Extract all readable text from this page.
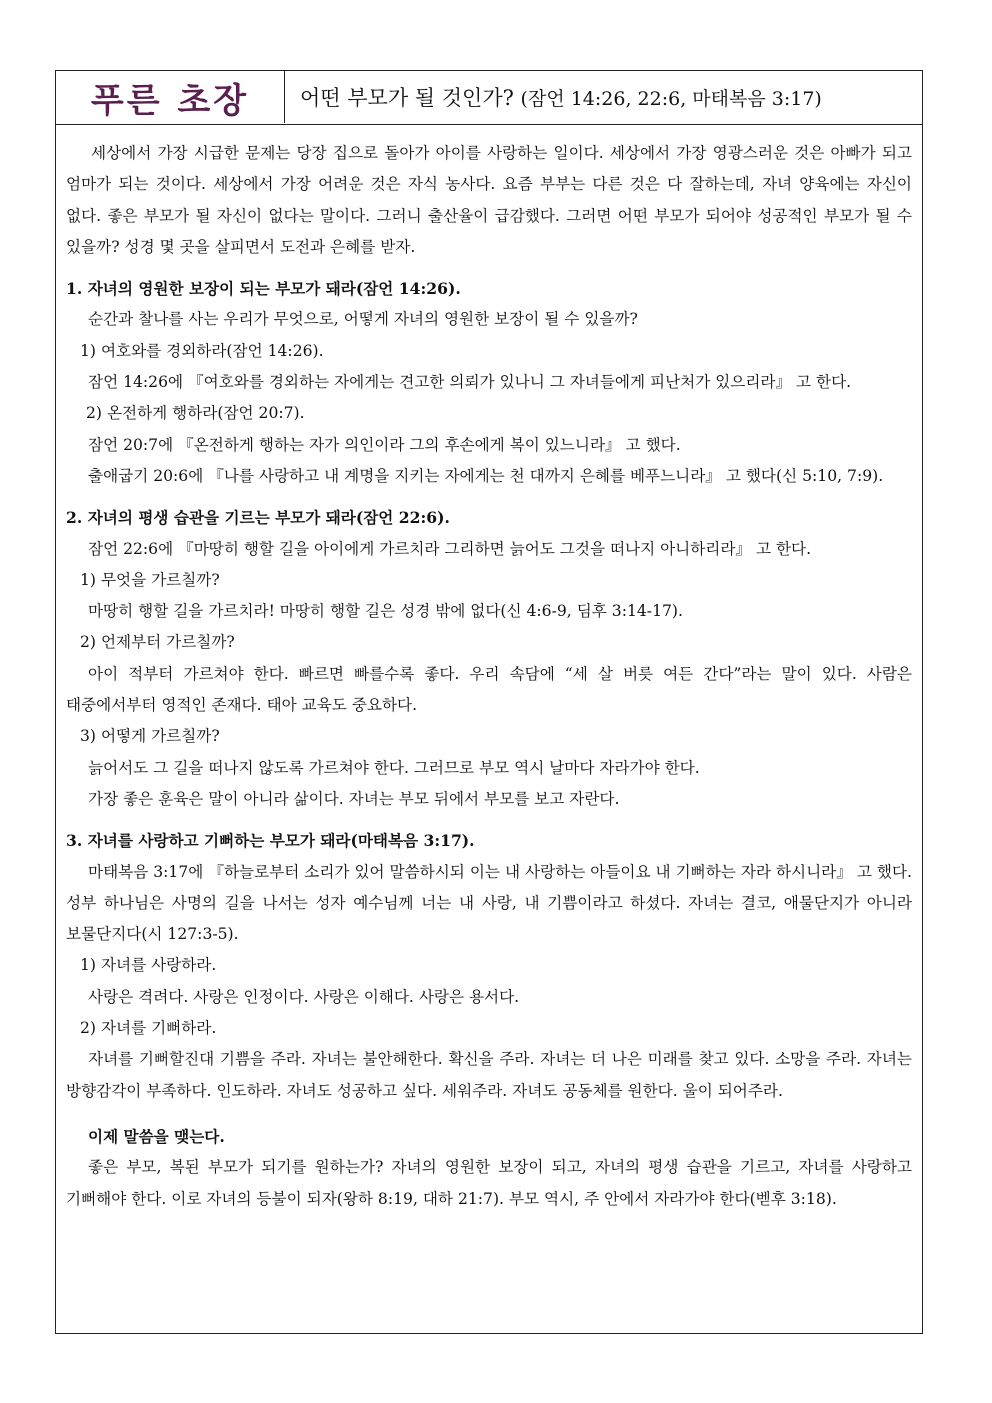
푸른 초장 어떤 부모가 될 것인가?
(잠언 14:26, 22:6, 마태복음 3:17)

세상에서 가장 시급한 문제는 당장 집으로 돌아가 아이를 사랑하는 일이다. 세상에서 가장 영광스러운 것은 아빠가 되고 엄마가 되는 것이다. 세상에서 가장 어려운 것은 자식 농사다. 요즘 부부는 다른 것은 다 잘하는데, 자녀 양육에는 자신이 없다. 좋은 부모가 될 자신이 없다는 말이다. 그러니 출산율이 급감했다. 그러면 어떤 부모가 되어야 성공적인 부모가 될 수 있을까? 성경 몇 곳을 살피면서 도전과 은혜를 받자.

1. 자녀의 영원한 보장이 되는 부모가 돼라(잠언 14:26).

순간과 찰나를 사는 우리가 무엇으로, 어떻게 자녀의 영원한 보장이 될 수 있을까?

1) 여호와를 경외하라(잠언 14:26).

잠언 14:26에 『여호와를 경외하는 자에게는 견고한 의뢰가 있나니 그 자녀들에게 피난처가 있으리라』 고 한다.

2) 온전하게 행하라(잠언 20:7).

잠언 20:7에 『온전하게 행하는 자가 의인이라 그의 후손에게 복이 있느니라』 고 했다.

출애굽기 20:6에 『나를 사랑하고 내 계명을 지키는 자에게는 천 대까지 은혜를 베푸느니라』 고 했다(신 5:10, 7:9).

2. 자녀의 평생 습관을 기르는 부모가 돼라(잠언 22:6).

잠언 22:6에 『마땅히 행할 길을 아이에게 가르치라 그리하면 늙어도 그것을 떠나지 아니하리라』 고 한다.

1) 무엇을 가르칠까?

마땅히 행할 길을 가르치라! 마땅히 행할 길은 성경 밖에 없다(신 4:6-9, 딤후 3:14-17).

2) 언제부터 가르칠까?

아이 적부터 가르쳐야 한다. 빠르면 빠를수록 좋다. 우리 속담에 “세 살 버릇 여든 간다”라는 말이 있다. 사람은 태중에서부터 영적인 존재다. 태아 교육도 중요하다.

3) 어떻게 가르칠까?

늙어서도 그 길을 떠나지 않도록 가르쳐야 한다. 그러므로 부모 역시 날마다 자라가야 한다.

가장 좋은 훈육은 말이 아니라 삶이다. 자녀는 부모 뒤에서 부모를 보고 자란다.

3. 자녀를 사랑하고 기뻐하는 부모가 돼라(마태복음 3:17).

마태복음 3:17에 『하늘로부터 소리가 있어 말씀하시되 이는 내 사랑하는 아들이요 내 기뻐하는 자라 하시니라』 고 했다. 성부 하나님은 사명의 길을 나서는 성자 예수님께 너는 내 사랑, 내 기쁨이라고 하셨다. 자녀는 결코, 애물단지가 아니라 보물단지다(시 127:3-5).

1) 자녀를 사랑하라.

사랑은 격려다. 사랑은 인정이다. 사랑은 이해다. 사랑은 용서다.

2) 자녀를 기뻐하라.

자녀를 기뻐할진대 기쁨을 주라. 자녀는 불안해한다. 확신을 주라. 자녀는 더 나은 미래를 찾고 있다. 소망을 주라. 자녀는 방향감각이 부족하다. 인도하라. 자녀도 성공하고 싶다. 세워주라. 자녀도 공동체를 원한다. 울이 되어주라.

이제 말씀을 맺는다.

좋은 부모, 복된 부모가 되기를 원하는가? 자녀의 영원한 보장이 되고, 자녀의 평생 습관을 기르고, 자녀를 사랑하고 기뻐해야 한다. 이로 자녀의 등불이 되자(왕하 8:19, 대하 21:7). 부모 역시, 주 안에서 자라가야 한다(벧후 3:18).
